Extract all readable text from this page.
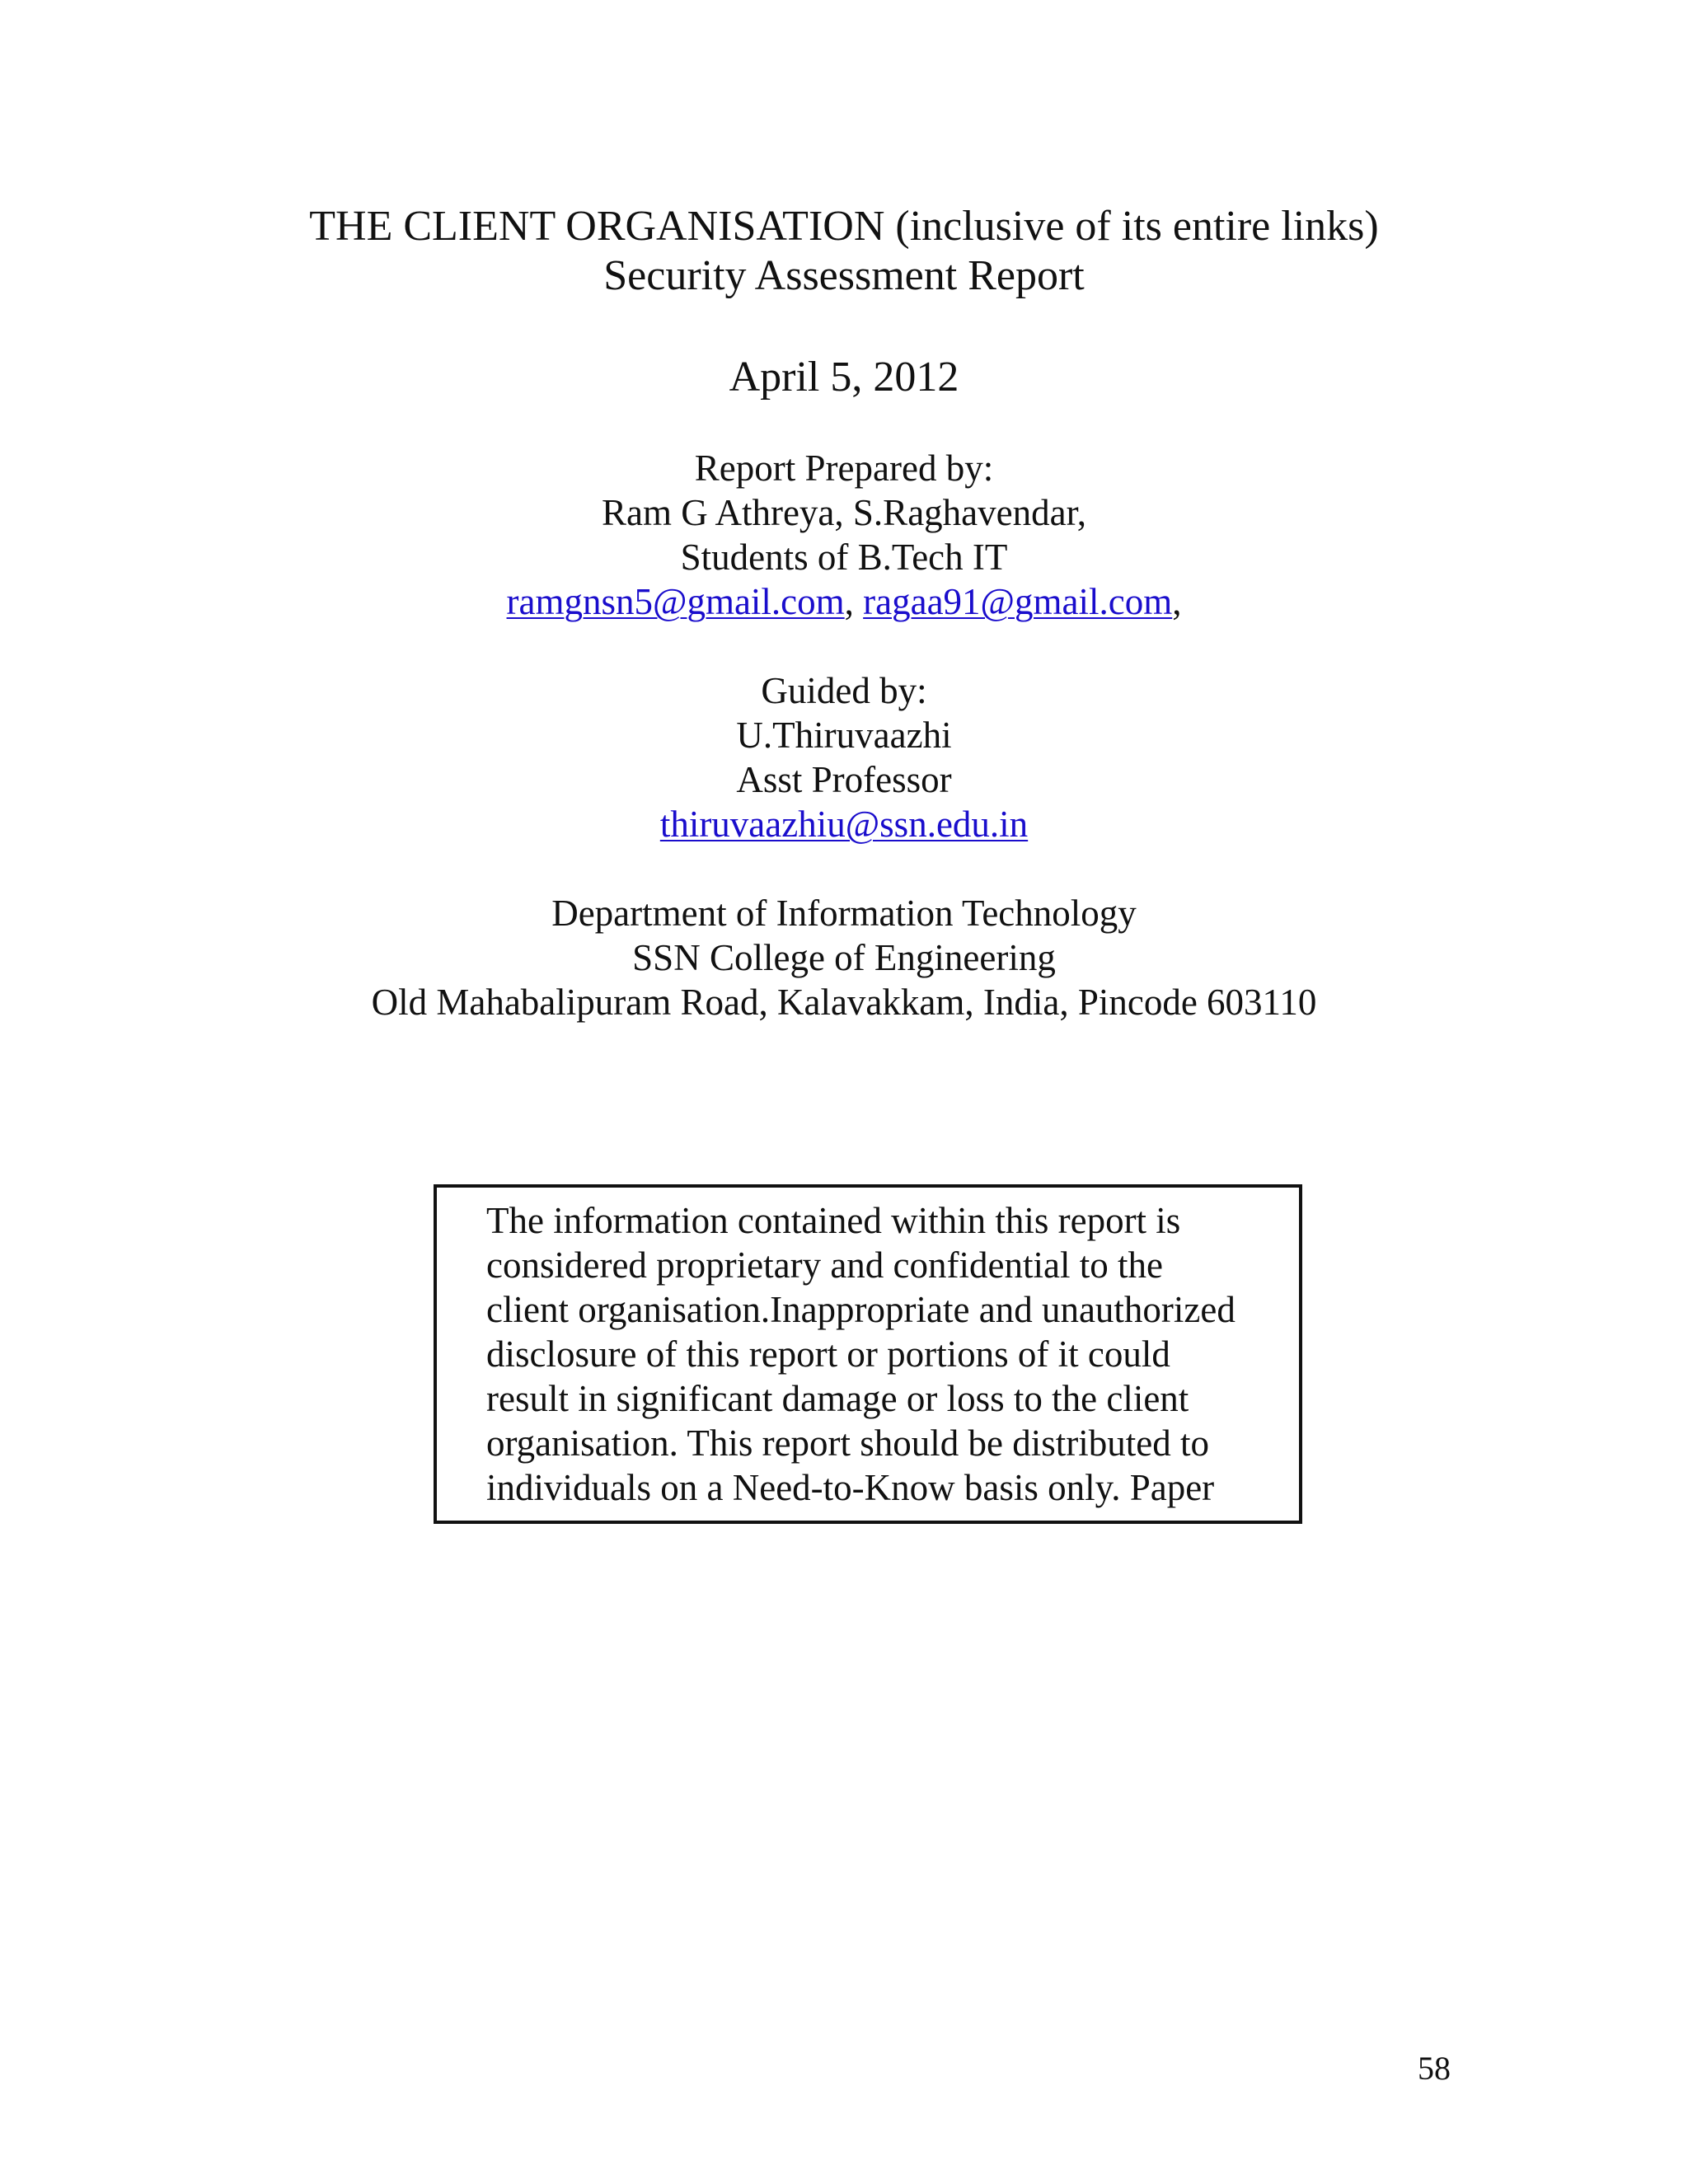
THE CLIENT ORGANISATION (inclusive of its entire links)
Security Assessment Report
April 5, 2012
Report Prepared by:
Ram G Athreya, S.Raghavendar,
Students of B.Tech IT
ramgnsn5@gmail.com, ragaa91@gmail.com,
Guided by:
U.Thiruvaazhi
Asst Professor
thiruvaazhiu@ssn.edu.in
Department of Information Technology
SSN College of Engineering
Old Mahabalipuram Road, Kalavakkam, India, Pincode 603110
The information contained within this report is
considered proprietary and confidential to the
client organisation.Inappropriate and unauthorized
disclosure of this report or portions of it could
result in significant damage or loss to the client
organisation. This report should be distributed to
individuals on a Need-to-Know basis only. Paper
58
